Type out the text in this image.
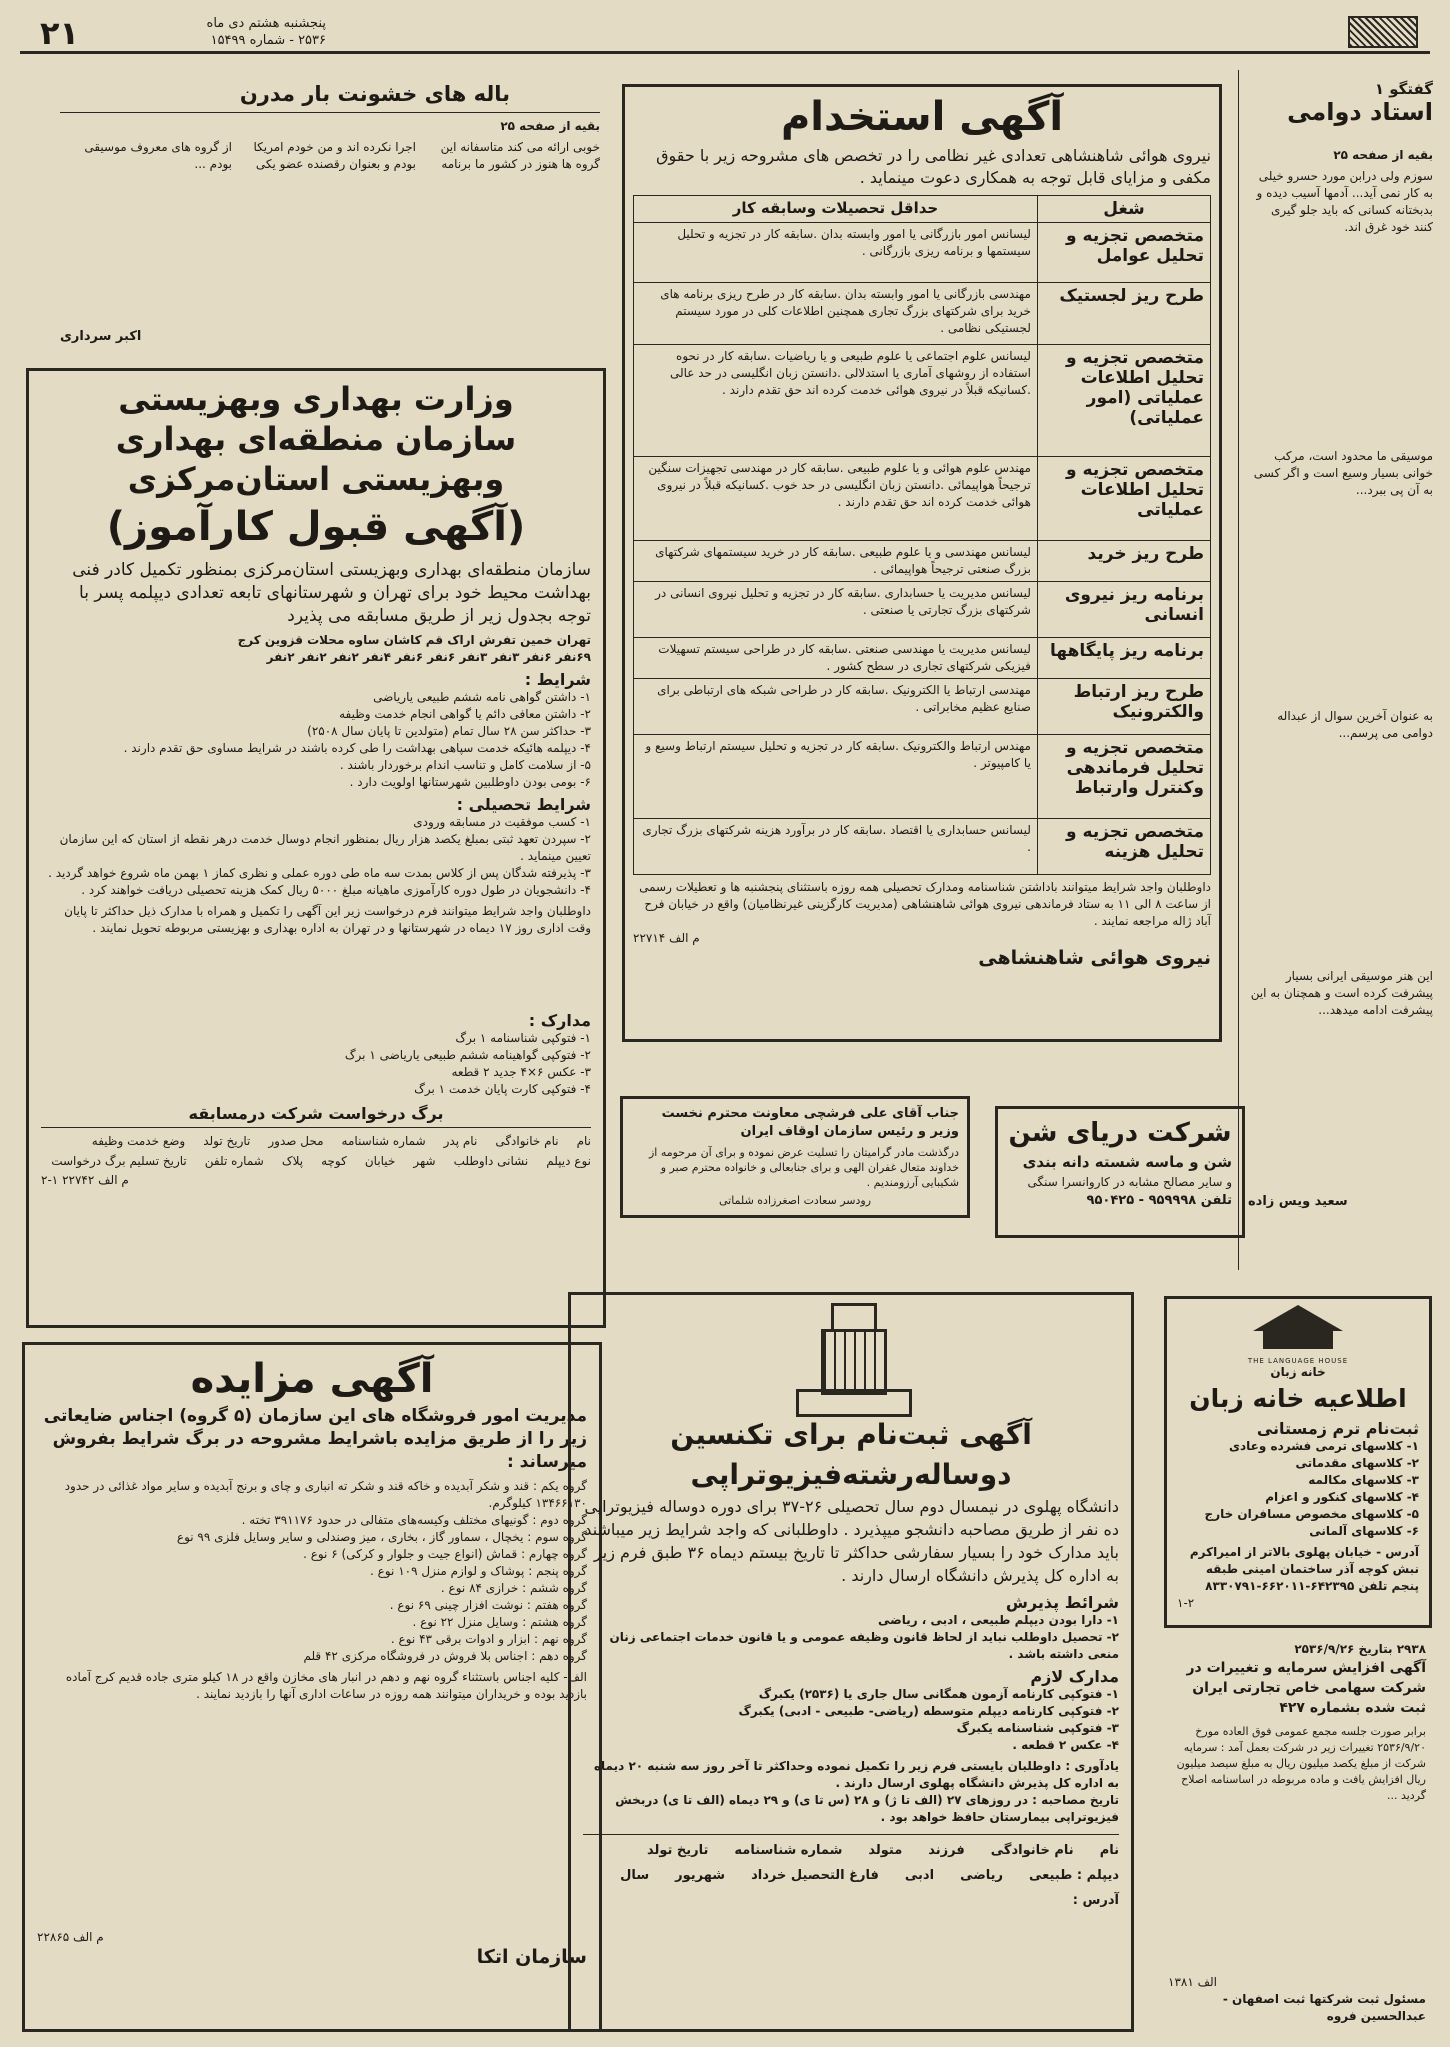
۲۱	پنجشنبه هشتم دی ماه
۲۵۳۶ - شماره ۱۵۴۹۹
گفتگو ۱
استاد دوامی
بقیه از صفحه ۲۵

سوزم ولی درابن مورد حسرو خیلی به کار نمی آید... آدمها آسیب دیده و بدبختانه کسانی که باید جلو گیری کنند خود غرق اند.

موسیقی ما محدود است، مرکب خوانی بسیار وسیع است و اگر کسی به آن پی ببرد...

به عنوان آخرین سوال از عبداله دوامی می پرسم...

این هنر موسیقی ایرانی بسیار پیشرفت کرده است و همچنان به این پیشرفت ادامه میدهد...

سعید ویس زاده
آگهی استخدام

نیروی هوائی شاهنشاهی تعدادی غیر نظامی را در تخصص های مشروحه زیر با حقوق مکفی و مزایای قابل توجه به همکاری دعوت مینماید .

شغل	حداقل تحصیلات وسابقه کار
متخصص تجزیه و تحلیل عوامل	لیسانس امور بازرگانی یا امور وابسته بدان .سابقه کار در تجزیه و تحلیل سیستمها و برنامه ریزی بازرگانی .
طرح ریز لجستیک	مهندسی بازرگانی یا امور وابسته بدان .سابقه کار در طرح ریزی برنامه های خرید برای شرکتهای بزرگ تجاری همچنین اطلاعات کلی در مورد سیستم لجستیکی نظامی .
متخصص تجزیه و تحلیل اطلاعات عملیاتی (امور عملیاتی)	لیسانس علوم اجتماعی یا علوم طبیعی و یا ریاضیات .سابقه کار در نحوه استفاده از روشهای آماری یا استدلالی .دانستن زبان انگلیسی در حد عالی .کسانیکه قبلاً در نیروی هوائی خدمت کرده اند حق تقدم دارند .
متخصص تجزیه و تحلیل اطلاعات عملیاتی	مهندس علوم هوائی و یا علوم طبیعی .سابقه کار در مهندسی تجهیزات سنگین ترجیحاً هواپیمائی .دانستن زبان انگلیسی در حد خوب .کسانیکه قبلاً در نیروی هوائی خدمت کرده اند حق تقدم دارند .
طرح ریز خرید	لیسانس مهندسی و یا علوم طبیعی .سابقه کار در خرید سیستمهای شرکتهای بزرگ صنعتی ترجیحاً هواپیمائی .
برنامه ریز نیروی انسانی	لیسانس مدیریت یا حسابداری .سابقه کار در تجزیه و تحلیل نیروی انسانی در شرکتهای بزرگ تجارتی یا صنعتی .
برنامه ریز پایگاهها	لیسانس مدیریت یا مهندسی صنعتی .سابقه کار در طراحی سیستم تسهیلات فیزیکی شرکتهای تجاری در سطح کشور .
طرح ریز ارتباط والکترونیک	مهندسی ارتباط یا الکترونیک .سابقه کار در طراحی شبکه های ارتباطی برای صنایع عظیم مخابراتی .
متخصص تجزیه و تحلیل فرماندهی وکنترل وارتباط	مهندس ارتباط والکترونیک .سابقه کار در تجزیه و تحلیل سیستم ارتباط وسیع و یا کامپیوتر .
متخصص تجزیه و تحلیل هزینه	لیسانس حسابداری یا اقتصاد .سابقه کار در برآورد هزینه شرکتهای بزرگ تجاری .

داوطلبان واجد شرایط میتوانند باداشتن شناسنامه ومدارک تحصیلی همه روزه باستثنای پنجشنبه ها و تعطیلات رسمی از ساعت ۸ الی ۱۱ به ستاد فرماندهی نیروی هوائی شاهنشاهی (مدیریت کارگزینی غیرنظامیان) واقع در خیابان فرح آباد ژاله مراجعه نمایند .

م الف ۲۲۷۱۴
نیروی هوائی شاهنشاهی
باله های خشونت بار مدرن
بقیه از صفحه ۲۵

خوبی ارائه می کند متاسفانه این گروه ها هنوز در کشور ما برنامه اجرا نکرده اند و من خودم امریکا بودم و بعنوان رقصنده عضو یکی از گروه های معروف موسیقی بودم ...

اکبر سرداری
وزارت بهداری وبهزیستی
سازمان منطقه‌ای بهداری
وبهزیستی استان‌مرکزی
(آگهی قبول کارآموز)

سازمان منطقه‌ای بهداری وبهزیستی استان‌مرکزی بمنظور تکمیل کادر فنی بهداشت محیط خود برای تهران و شهرستانهای تابعه تعدادی دیپلمه پسر با توجه بجدول زیر از طریق مسابقه می پذیرد

تهران خمین تفرش اراک قم کاشان ساوه محلات قزوین کرج
۶۹نفر ۶نفر ۳نفر ۳نفر ۶نفر ۶نفر ۴نفر ۲نفر ۲نفر ۲نفر
شرایط :
۱- داشتن گواهی نامه ششم طبیعی یاریاضی
۲- داشتن معافی دائم یا گواهی انجام خدمت وظیفه
۳- حداکثر سن ۲۸ سال تمام (متولدین تا پایان سال ۲۵۰۸)
۴- دیپلمه هائیکه خدمت سپاهی بهداشت را طی کرده باشند در شرایط مساوی حق تقدم دارند .
۵- از سلامت کامل و تناسب اندام برخوردار باشند .
۶- بومی بودن داوطلبین شهرستانها اولویت دارد .
شرایط تحصیلی :
۱- کسب موفقیت در مسابقه ورودی
۲- سپردن تعهد ثبتی بمبلغ یکصد هزار ریال بمنظور انجام دوسال خدمت درهر نقطه از استان که این سازمان تعیین مینماید .
۳- پذیرفته شدگان پس از کلاس بمدت سه ماه طی دوره عملی و نظری کماز ۱ بهمن ماه شروع خواهد گردید .
۴- دانشجویان در طول دوره کارآموزی ماهیانه مبلغ ۵۰۰۰ ریال کمک هزینه تحصیلی دریافت خواهند کرد .

داوطلبان واجد شرایط میتوانند فرم درخواست زیر این آگهی را تکمیل و همراه با مدارک ذیل حداکثر تا پایان وقت اداری روز ۱۷ دیماه در شهرستانها و در تهران به اداره بهداری و بهزیستی مربوطه تحویل نمایند .

مدارک :
۱- فتوکپی شناسنامه ۱ برگ
۲- فتوکپی گواهینامه ششم طبیعی یاریاضی ۱ برگ
۳- عکس ۶×۴ جدید ۲ قطعه
۴- فتوکپی کارت پایان خدمت ۱ برگ
برگ درخواست شرکت درمسابقه
نام
نام خانوادگی
نام پدر
شماره شناسنامه
محل صدور
تاریخ تولد
وضع خدمت وظیفه
نوع دیپلم
نشانی داوطلب
شهر
خیابان
کوچه
پلاک
شماره تلفن
تاریخ تسلیم برگ درخواست
م الف ۲۲۷۴۲ ۱-۲
آگهی مزایده

مدیریت امور فروشگاه های این سازمان (۵ گروه) اجناس ضایعاتی زیر را از طریق مزایده باشرایط مشروحه در برگ شرایط بفروش میرساند :

گروه یکم : قند و شکر آبدیده و خاکه قند و شکر ته انباری و چای و برنج آبدیده و سایر مواد غذائی در حدود ۱۳۴۶۶۱۳۰ کیلوگرم.
گروه دوم : گونیهای مختلف وکیسه‌های متفالی در حدود ۳۹۱۱۷۶ تخته .
گروه سوم : یخچال ، سماور گاز ، بخاری ، میز وصندلی و سایر وسایل فلزی ۹۹ نوع
گروه چهارم : قماش (انواع جیت و جلوار و کرکی) ۶ نوع .
گروه پنجم : پوشاک و لوازم منزل ۱۰۹ نوع .
گروه ششم : خرازی ۸۴ نوع .
گروه هفتم : نوشت افزار چینی ۶۹ نوع .
گروه هشتم : وسایل منزل ۲۲ نوع .
گروه نهم : ابزار و ادوات برقی ۴۳ نوع .
گروه دهم : اجناس بلا فروش در فروشگاه مرکزی ۴۲ قلم

الف- کلیه اجناس باستثناء گروه نهم و دهم در انبار های مخازن واقع در ۱۸ کیلو متری جاده قدیم کرج آماده بازدید بوده و خریداران میتوانند همه روزه در ساعات اداری آنها را بازدید نمایند .

م الف ۲۲۸۶۵
سازمان اتکا
جناب آقای علی فرشچی معاونت محترم نخست وزیر و رئیس سازمان اوقاف ایران

درگذشت مادر گرامیتان را تسلیت عرض نموده و برای آن مرحومه از خداوند متعال غفران الهی و برای جنابعالی و خانواده محترم صبر و شکیبایی آرزومندیم .

رودسر سعادت اصغرزاده شلماتی
شرکت دریای شن
شن و ماسه شسته دانه بندی
و سایر مصالح مشابه در کاروانسرا سنگی
تلفن ۹۵۹۹۹۸ - ۹۵۰۴۲۵
آگهی ثبت‌نام برای تکنسین
دوساله‌رشته‌فیزیوتراپی

دانشگاه پهلوی در نیمسال دوم سال تحصیلی ۲۶-۳۷ برای دوره دوساله فیزیوتراپی ده نفر از طریق مصاحبه دانشجو میپذیرد . داوطلبانی که واجد شرایط زیر میباشند باید مدارک خود را بسیار سفارشی حداکثر تا تاریخ بیستم دیماه ۳۶ طبق فرم زیر به اداره کل پذیرش دانشگاه ارسال دارند .

شرائط پذیرش
۱- دارا بودن دیپلم طبیعی ، ادبی ، ریاضی
۲- تحصیل داوطلب نباید از لحاظ قانون وظیفه عمومی و یا قانون خدمات اجتماعی زنان منعی داشته باشد .
مدارک لازم
۱- فتوکپی کارنامه آزمون همگانی سال جاری یا (۲۵۳۶) یکبرگ
۲- فتوکپی کارنامه دیپلم متوسطه (ریاضی- طبیعی - ادبی) یکبرگ
۳- فتوکپی شناسنامه یکبرگ
۴- عکس ۲ قطعه .

یادآوری : داوطلبان بایستی فرم زیر را تکمیل نموده وحداکثر تا آخر روز سه شنبه ۲۰ دیماه به اداره کل پذیرش دانشگاه پهلوی ارسال دارند .

تاریخ مصاحبه : در روزهای ۲۷ (الف تا ژ) و ۲۸ (س تا ی) و ۲۹ دیماه (الف تا ی) دربخش فیزیوتراپی بیمارستان حافظ خواهد بود .

نام
نام خانوادگی
فرزند
متولد
شماره شناسنامه
تاریخ تولد
دیپلم : طبیعی
ریاضی
ادبی
فارغ التحصیل خرداد
شهریور
سال
آدرس :
THE LANGUAGE HOUSE
خانه زبان
اطلاعیه خانه زبان
ثبت‌نام ترم زمستانی
۱- کلاسهای ترمی فشرده وعادی
۲- کلاسهای مقدماتی
۳- کلاسهای مکالمه
۴- کلاسهای کنکور و اعزام
۵- کلاسهای مخصوص مسافران خارج
۶- کلاسهای آلمانی

آدرس - خیابان پهلوی بالاتر از امیراکرم نبش کوچه آذر ساختمان امینی طبقه پنجم تلفن ۶۴۲۳۹۵-۶۶۲۰۱۱-۸۳۳۰۷۹۱

۱-۲
۲۹۳۸ بتاریخ ۲۵۳۶/۹/۲۶

آگهی افزایش سرمایه و تغییرات در شرکت سهامی خاص تجارتی ایران ثبت شده بشماره ۴۲۷

برابر صورت جلسه مجمع عمومی فوق العاده مورخ ۲۵۳۶/۹/۲۰ تغییرات زیر در شرکت بعمل آمد : سرمایه شرکت از مبلغ یکصد میلیون ریال به مبلغ سیصد میلیون ریال افزایش یافت و ماده مربوطه در اساسنامه اصلاح گردید ...

الف ۱۳۸۱
مسئول ثبت شرکتها ثبت اصفهان - عبدالحسین فروه
